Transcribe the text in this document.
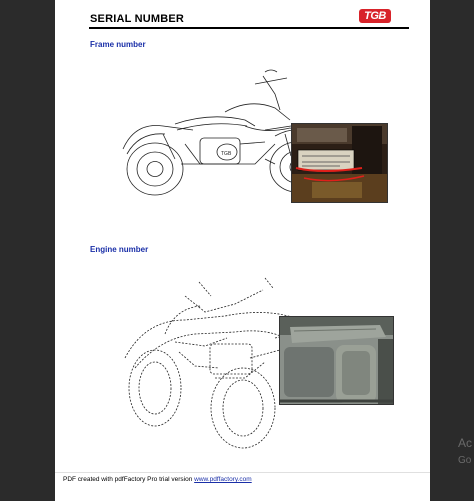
SERIAL NUMBER	TGB
Frame number
TGB
Engine number
PDF created with pdfFactory Pro trial version www.pdffactory.com
Ac
Go
